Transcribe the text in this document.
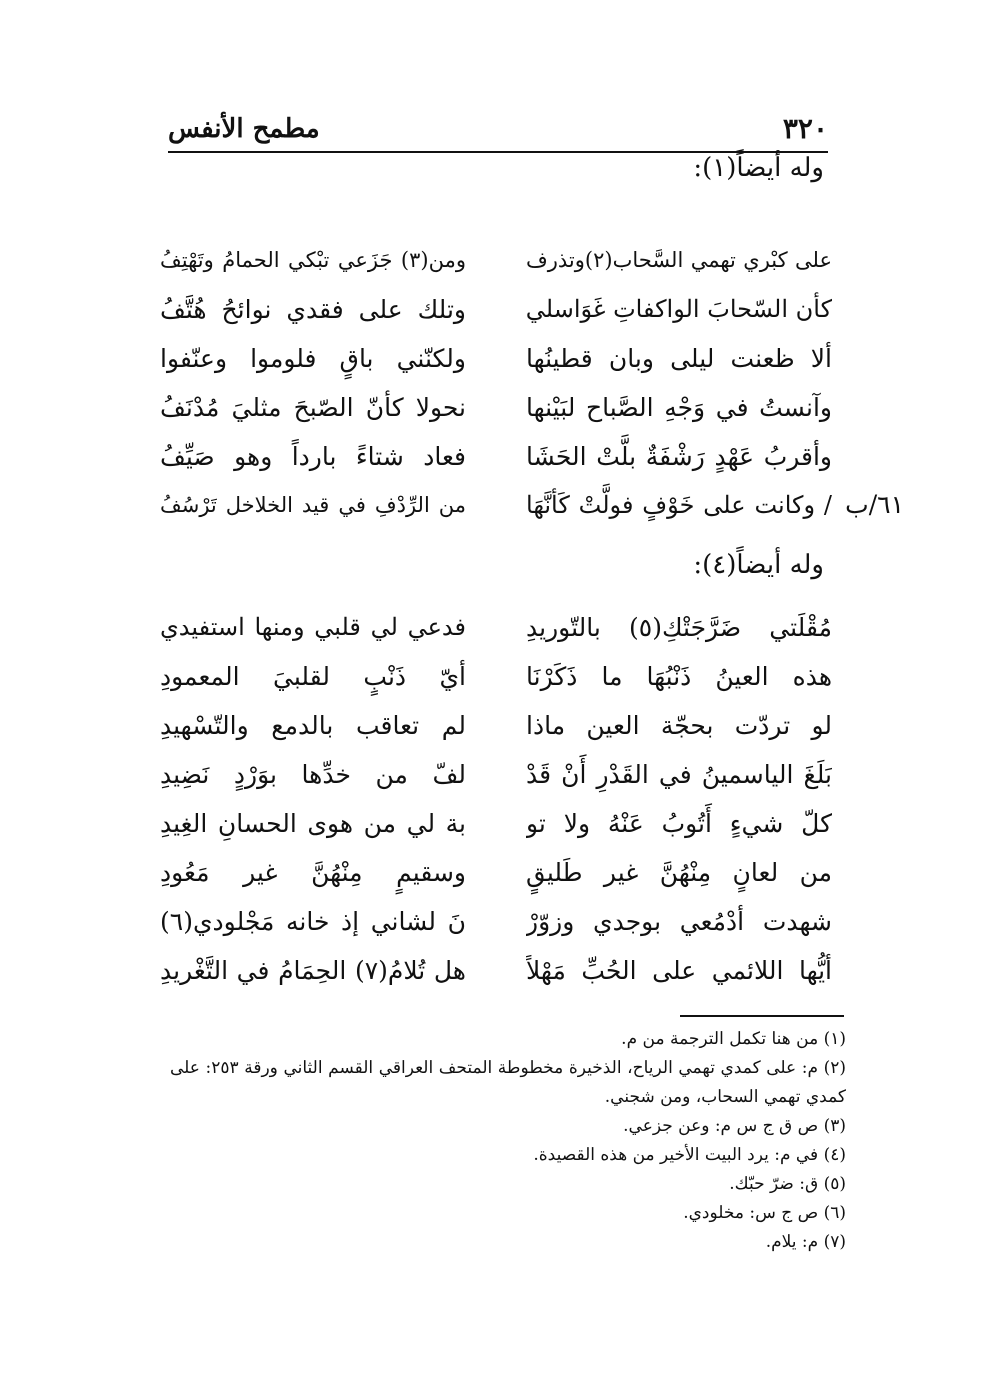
٣٢٠
مطمح الأنفس
وله أيضاً(١):
على كبْري تهمي السَّحاب(٢)وتذرف
ومن(٣) جَزَعي تبْكي الحمامُ وتَهْتِفُ
كأن السّحابَ الواكفاتِ غَوَاسلي
وتلك على فقدي نوائحُ هُتَّفُ
ألا ظعنت ليلى وبان قطينُها
ولكنّني باقٍ فلوموا وعنّفوا
وآنستُ في وَجْهِ الصَّباح لبَيْنها
نحولا كأنّ الصّبحَ مثليَ مُدْنَفُ
وأقربُ عَهْدٍ رَشْفَةٌ بلَّتْ الحَشَا
فعاد شتاءً بارداً وهو صَيِّفُ
/ وكانت على خَوْفٍ فولَّتْ كَأنَّهَا
من الرِّدْفِ في قيد الخلاخل تَرْسُفُ	٦١/ب
وله أيضاً(٤):
مُقْلَتي ضَرَّجَتْكِ(٥) بالتّوريدِ
فدعي لي قلبي ومنها استفيدي
هذه العينُ ذَنْبُهَا ما ذَكَرْنَا
أيّ ذَنْبٍ لقلبيَ المعمودِ
لو تردّت بحجّة العين ماذا
لم تعاقب بالدمع والتّسْهيدِ
بَلَغَ الياسمينُ في القَدْرِ أَنْ قَدْ
لفّ من خدِّها بوَرْدٍ نَضِيدِ
كلّ شيءٍ أَتُوبُ عَنْهُ ولا تو
بة لي من هوى الحسانِ الغِيدِ
من لعانٍ مِنْهُنَّ غير طَليقٍ
وسقيمٍ مِنْهُنَّ غير مَعُودِ
شهدت أدْمُعي بوجدي وزوّرْ
نَ لشاني إذ خانه مَجْلودي(٦)
أيُّها اللائمي على الحُبِّ مَهْلاً
هل تُلامُ(٧) الحِمَامُ في التَّغْريدِ
(١) من هنا تكمل الترجمة من م.
(٢) م: على كمدي تهمي الرياح، الذخيرة مخطوطة المتحف العراقي القسم الثاني ورقة ٢٥٣: على كمدي تهمي السحاب، ومن شجني.
(٣) ص ق ج س م: وعن جزعي.
(٤) في م: يرد البيت الأخير من هذه القصيدة.
(٥) ق: ضرّ حبّك.
(٦) ص ج س: مخلودي.
(٧) م: يلام.
